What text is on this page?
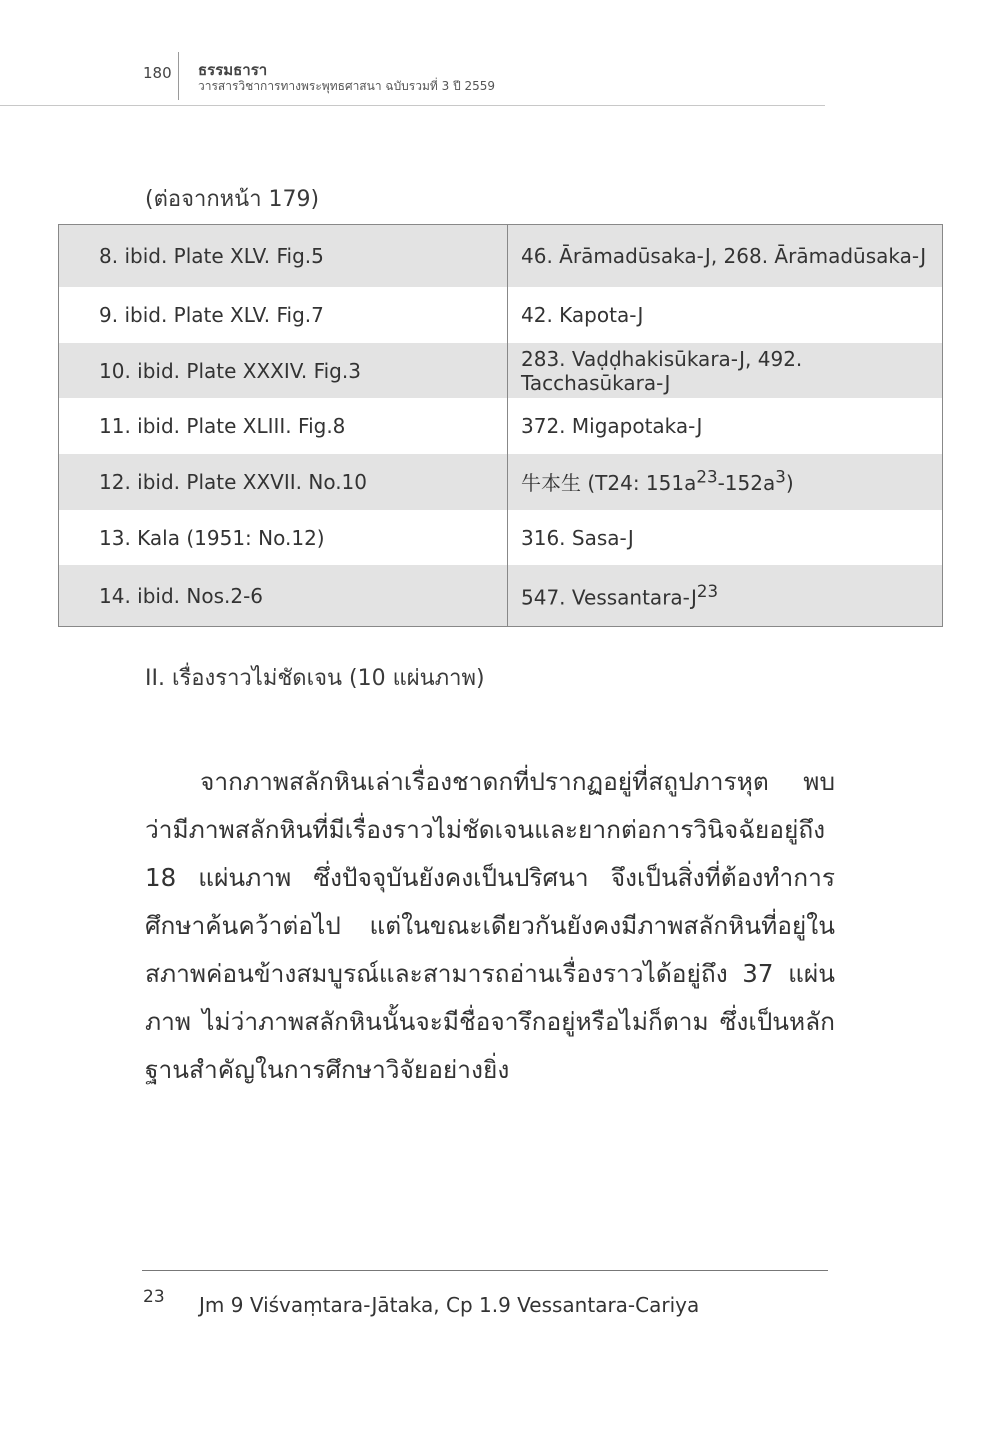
180 ธรรมธารา
วารสารวิชาการทางพระพุทธศาสนา ฉบับรวมที่ 3 ปี 2559
(ต่อจากหน้า 179)
8. ibid. Plate XLV. Fig.5	46. Ārāmadūsaka-J, 268. Ārāmadūsaka-J
9. ibid. Plate XLV. Fig.7	42. Kapota-J
10. ibid. Plate XXXIV. Fig.3	283. Vaḍḍhakisūkara-J, 492. Tacchasūkara-J
11. ibid. Plate XLIII. Fig.8	372. Migapotaka-J
12. ibid. Plate XXVII. No.10	牛本生 (T24: $151a^{23}-152a^3$)
13. Kala (1951: No.12)	316. Sasa-J
14. ibid. Nos.2-6	547. Vessantara-$J^{23}$
II. เรื่องราวไม่ชัดเจน (10 แผ่นภาพ)

จากภาพสลักหินเล่าเรื่องชาดกที่ปรากฏอยู่ที่สถูปภารหุต พบว่ามีภาพสลักหินที่มีเรื่องราวไม่ชัดเจนและยากต่อการวินิจฉัยอยู่ถึง 18 แผ่นภาพ ซึ่งปัจจุบันยังคงเป็นปริศนา จึงเป็นสิ่งที่ต้องทำการศึกษาค้นคว้าต่อไป แต่ในขณะเดียวกันยังคงมีภาพสลักหินที่อยู่ในสภาพค่อนข้างสมบูรณ์และสามารถอ่านเรื่องราวได้อยู่ถึง 37 แผ่นภาพ ไม่ว่าภาพสลักหินนั้นจะมีชื่อจารึกอยู่หรือไม่ก็ตาม ซึ่งเป็นหลักฐานสำคัญในการศึกษาวิจัยอย่างยิ่ง

23 Jm 9 Viśvaṃtara-Jātaka, Cp 1.9 Vessantara-Cariya
